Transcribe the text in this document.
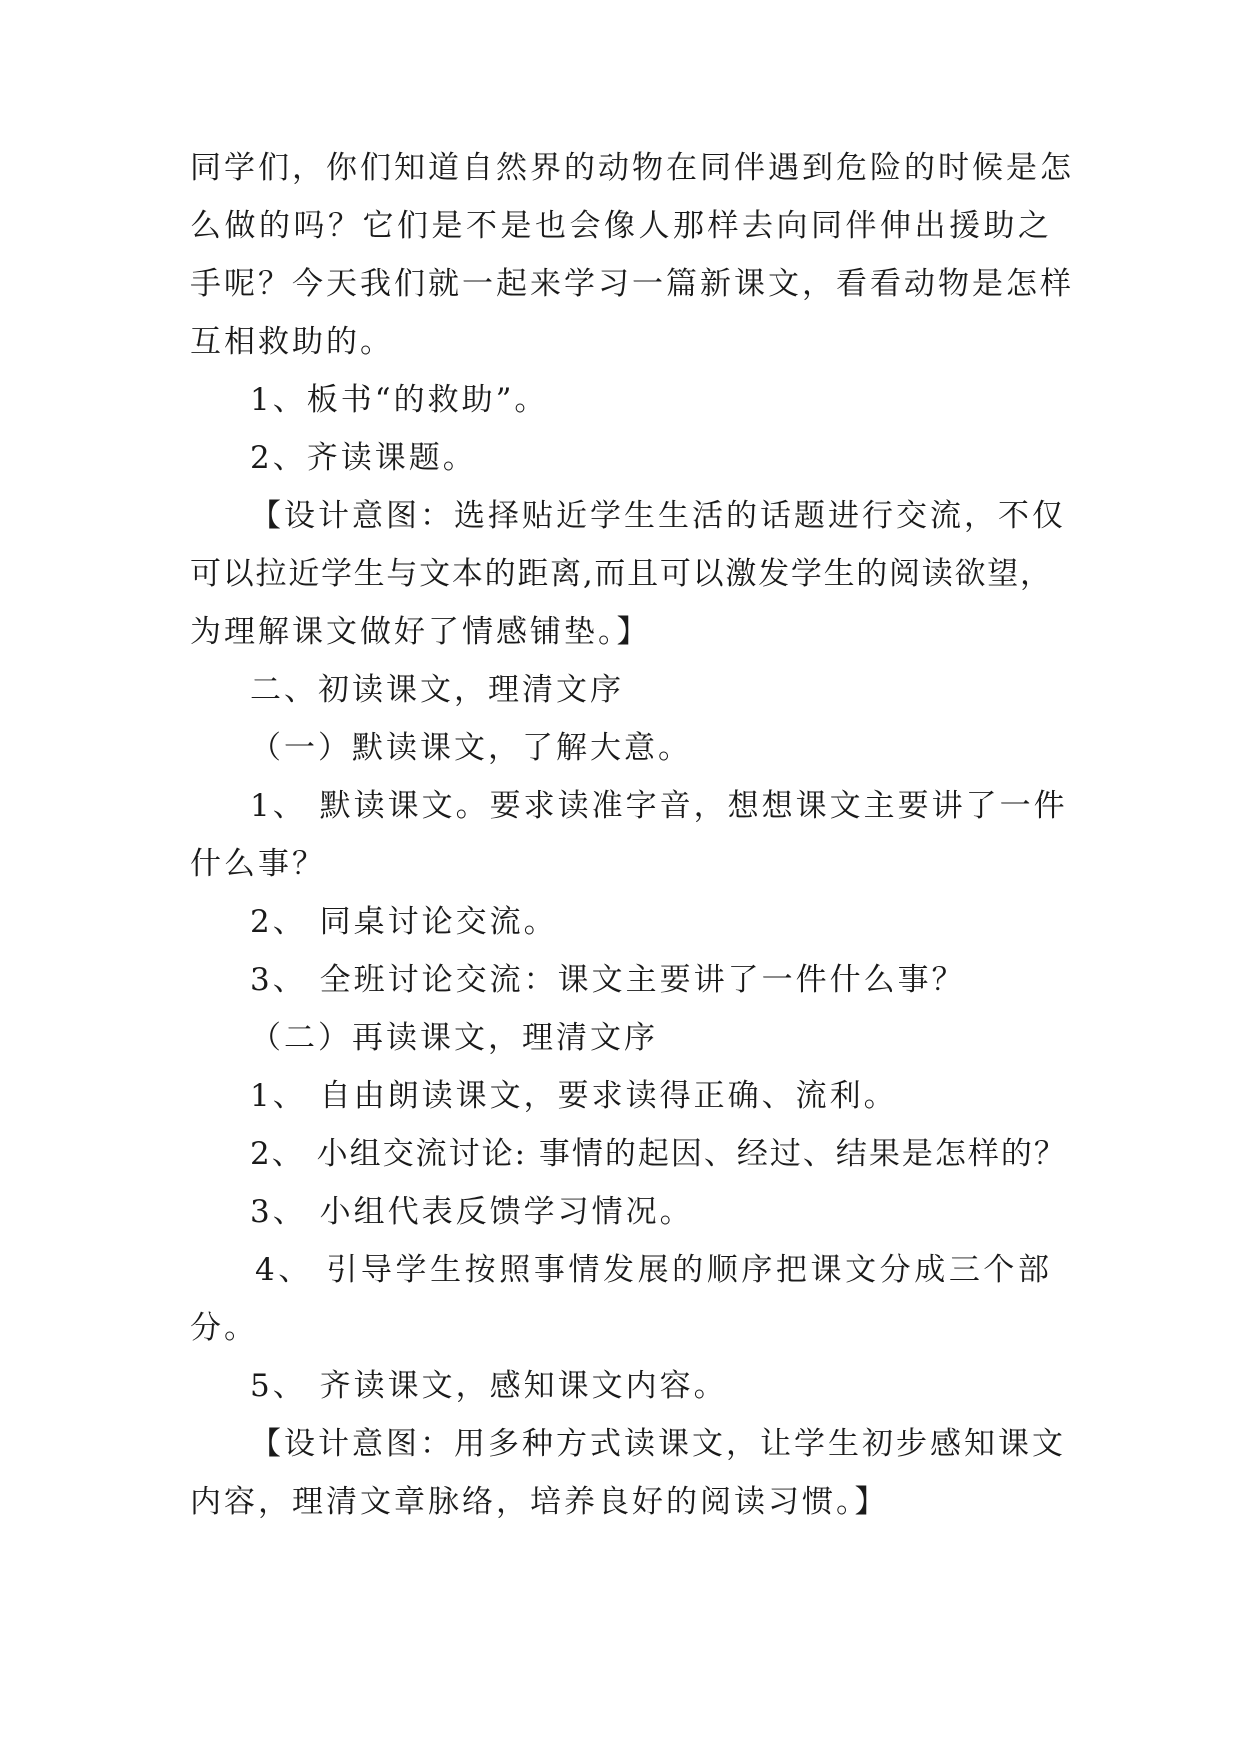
同学们，你们知道自然界的动物在同伴遇到危险的时候是怎
么做的吗？它们是不是也会像人那样去向同伴伸出援助之
手呢？今天我们就一起来学习一篇新课文，看看动物是怎样
互相救助的。
1、板书“的救助”。
2、齐读课题。
【设计意图：选择贴近学生生活的话题进行交流，不仅
可以拉近学生与文本的距离,而且可以激发学生的阅读欲望，
为理解课文做好了情感铺垫。】
二、初读课文，理清文序
（一）默读课文，了解大意。
1、 默读课文。要求读准字音，想想课文主要讲了一件
什么事？
2、 同桌讨论交流。
3、 全班讨论交流：课文主要讲了一件什么事？
（二）再读课文，理清文序
1、 自由朗读课文，要求读得正确、流利。
2、 小组交流讨论: 事情的起因、经过、结果是怎样的？
3、 小组代表反馈学习情况。
4、 引导学生按照事情发展的顺序把课文分成三个部
分。
5、 齐读课文，感知课文内容。
【设计意图：用多种方式读课文，让学生初步感知课文
内容，理清文章脉络，培养良好的阅读习惯。】
